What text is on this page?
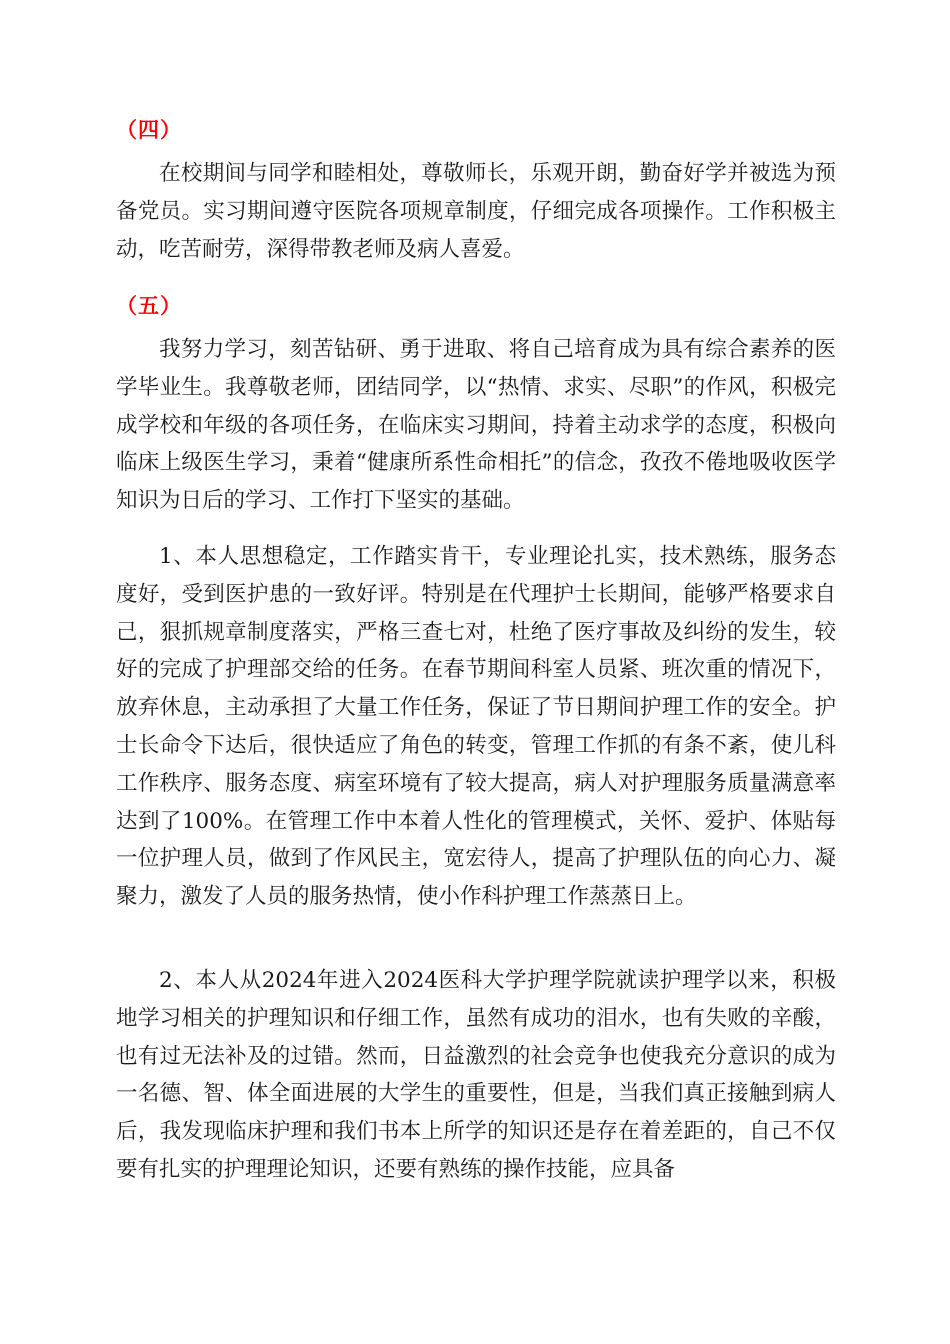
（四）

在校期间与同学和睦相处，尊敬师长，乐观开朗，勤奋好学并被选为预备党员。实习期间遵守医院各项规章制度，仔细完成各项操作。工作积极主动，吃苦耐劳，深得带教老师及病人喜爱。

（五）

我努力学习，刻苦钻研、勇于进取、将自己培育成为具有综合素养的医学毕业生。我尊敬老师，团结同学，以“热情、求实、尽职”的作风，积极完成学校和年级的各项任务，在临床实习期间，持着主动求学的态度，积极向临床上级医生学习，秉着“健康所系性命相托”的信念，孜孜不倦地吸收医学知识为日后的学习、工作打下坚实的基础。

1、本人思想稳定，工作踏实肯干，专业理论扎实，技术熟练，服务态度好，受到医护患的一致好评。特别是在代理护士长期间，能够严格要求自己，狠抓规章制度落实，严格三查七对，杜绝了医疗事故及纠纷的发生，较好的完成了护理部交给的任务。在春节期间科室人员紧、班次重的情况下，放弃休息，主动承担了大量工作任务，保证了节日期间护理工作的安全。护士长命令下达后，很快适应了角色的转变，管理工作抓的有条不紊，使儿科工作秩序、服务态度、病室环境有了较大提高，病人对护理服务质量满意率达到了100%。在管理工作中本着人性化的管理模式，关怀、爱护、体贴每一位护理人员，做到了作风民主，宽宏待人，提高了护理队伍的向心力、凝聚力，激发了人员的服务热情，使小作科护理工作蒸蒸日上。

2、本人从2024年进入2024医科大学护理学院就读护理学以来，积极地学习相关的护理知识和仔细工作，虽然有成功的泪水，也有失败的辛酸，也有过无法补及的过错。然而，日益激烈的社会竞争也使我充分意识的成为一名德、智、体全面进展的大学生的重要性，但是，当我们真正接触到病人后，我发现临床护理和我们书本上所学的知识还是存在着差距的，自己不仅要有扎实的护理理论知识，还要有熟练的操作技能，应具备
